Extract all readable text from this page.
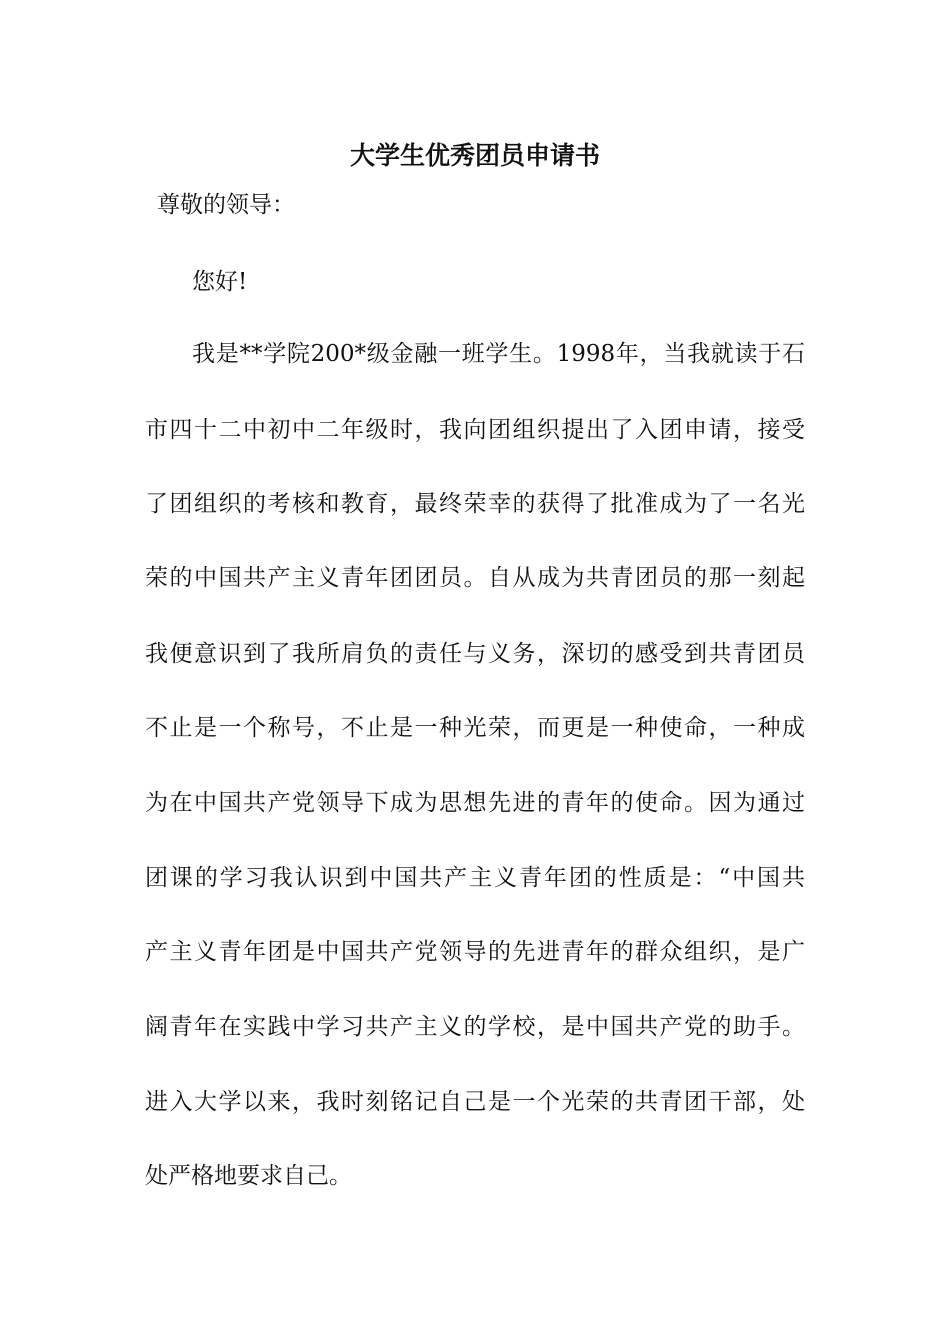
大学生优秀团员申请书
尊敬的领导：
您好!
我是**学院200*级金融一班学生。1998年，当我就读于石
市四十二中初中二年级时，我向团组织提出了入团申请，接受
了团组织的考核和教育，最终荣幸的获得了批准成为了一名光
荣的中国共产主义青年团团员。自从成为共青团员的那一刻起
我便意识到了我所肩负的责任与义务，深切的感受到共青团员
不止是一个称号，不止是一种光荣，而更是一种使命，一种成
为在中国共产党领导下成为思想先进的青年的使命。因为通过
团课的学习我认识到中国共产主义青年团的性质是：“中国共
产主义青年团是中国共产党领导的先进青年的群众组织，是广
阔青年在实践中学习共产主义的学校，是中国共产党的助手。
进入大学以来，我时刻铭记自己是一个光荣的共青团干部，处
处严格地要求自己。
